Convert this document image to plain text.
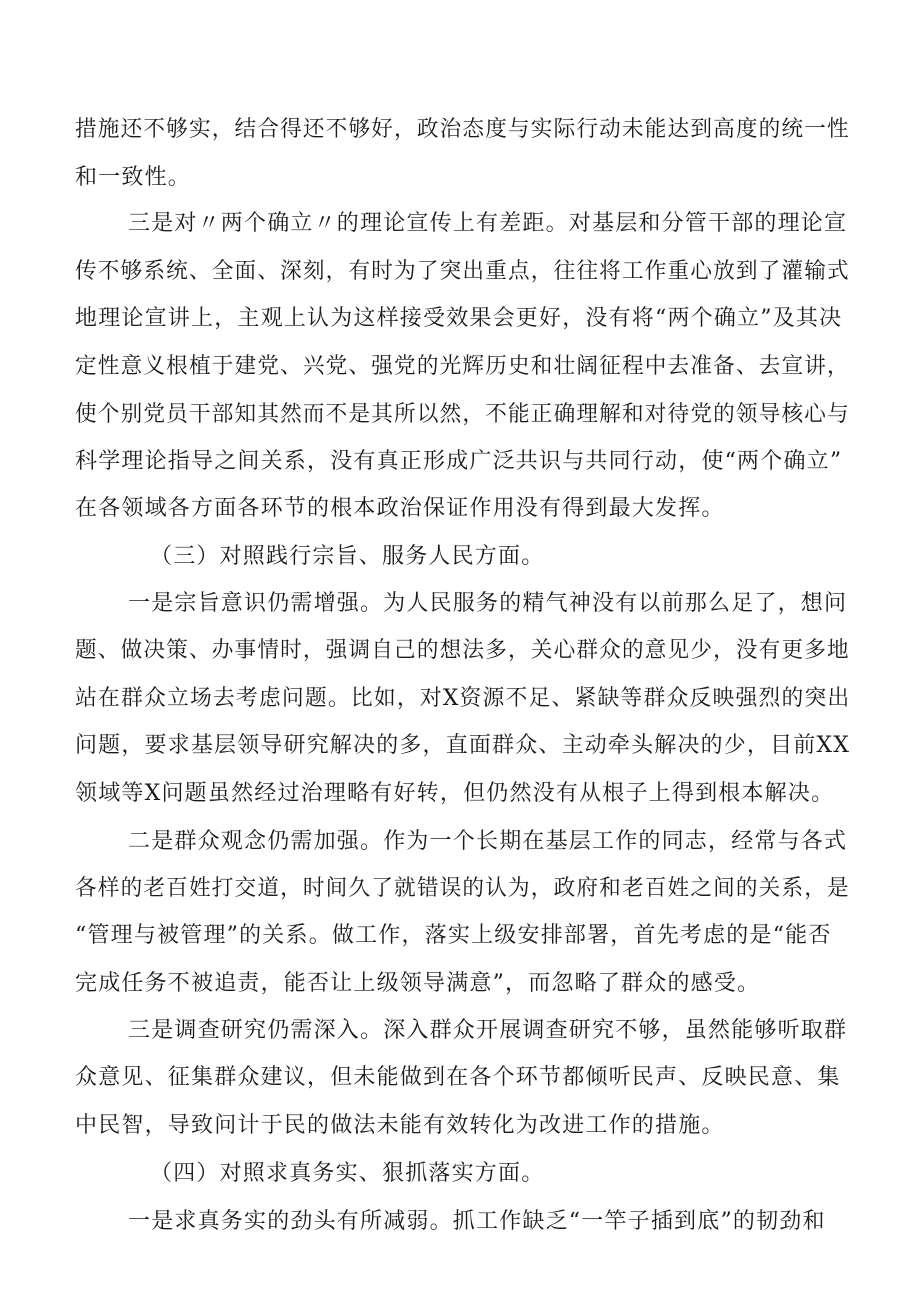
措施还不够实，结合得还不够好，政治态度与实际行动未能达到高度的统一性

和一致性。

三是对〃两个确立〃的理论宣传上有差距。对基层和分管干部的理论宣

传不够系统、全面、深刻，有时为了突出重点，往往将工作重心放到了灌输式

地理论宣讲上，主观上认为这样接受效果会更好，没有将“两个确立”及其决

定性意义根植于建党、兴党、强党的光辉历史和壮阔征程中去准备、去宣讲，

使个别党员干部知其然而不是其所以然，不能正确理解和对待党的领导核心与

科学理论指导之间关系，没有真正形成广泛共识与共同行动，使“两个确立”

在各领域各方面各环节的根本政治保证作用没有得到最大发挥。

（三）对照践行宗旨、服务人民方面。

一是宗旨意识仍需增强。为人民服务的精气神没有以前那么足了，想问

题、做决策、办事情时，强调自己的想法多，关心群众的意见少，没有更多地

站在群众立场去考虑问题。比如，对X资源不足、紧缺等群众反映强烈的突出

问题，要求基层领导研究解决的多，直面群众、主动牵头解决的少，目前XX

领域等X问题虽然经过治理略有好转，但仍然没有从根子上得到根本解决。

二是群众观念仍需加强。作为一个长期在基层工作的同志，经常与各式

各样的老百姓打交道，时间久了就错误的认为，政府和老百姓之间的关系，是

“管理与被管理”的关系。做工作，落实上级安排部署，首先考虑的是“能否

完成任务不被追责，能否让上级领导满意”，而忽略了群众的感受。

三是调查研究仍需深入。深入群众开展调查研究不够，虽然能够听取群

众意见、征集群众建议，但未能做到在各个环节都倾听民声、反映民意、集

中民智，导致问计于民的做法未能有效转化为改进工作的措施。

（四）对照求真务实、狠抓落实方面。

一是求真务实的劲头有所减弱。抓工作缺乏“一竿子插到底”的韧劲和
